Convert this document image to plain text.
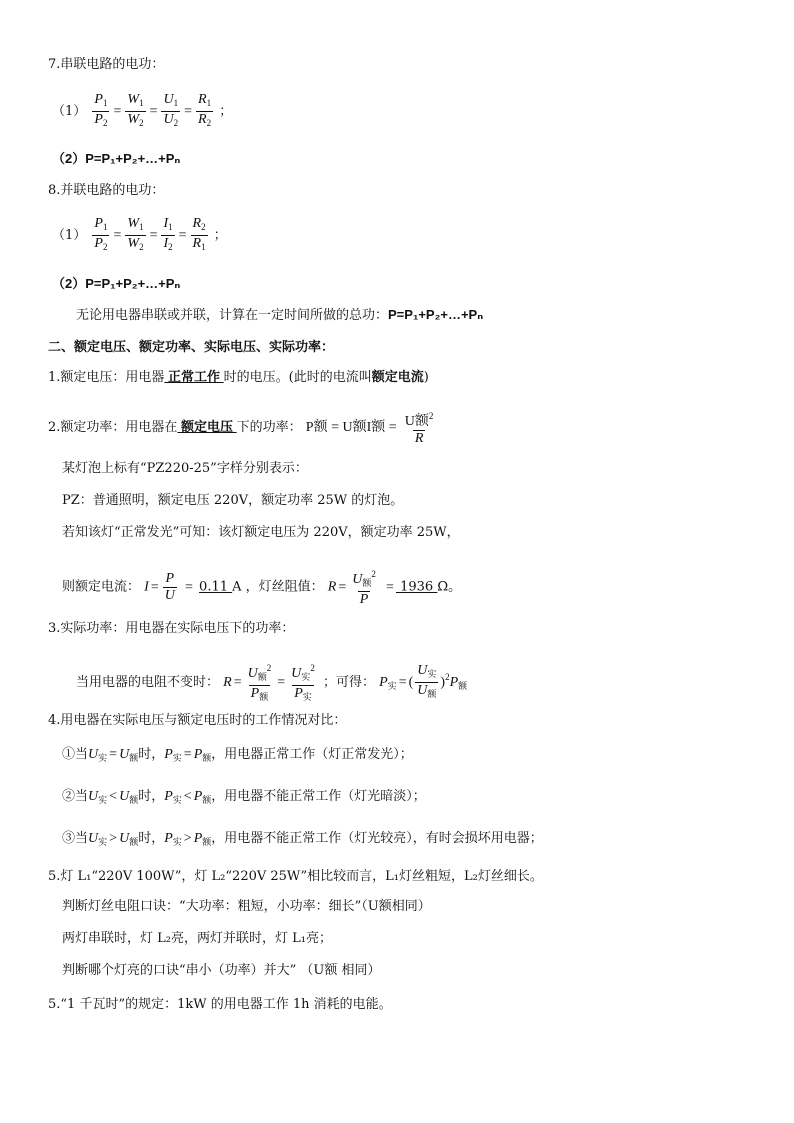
7.串联电路的电功：
$(1) \frac{P_1}{P_2} = \frac{W_1}{W_2} = \frac{U_1}{U_2} = \frac{R_1}{R_2}$ ；
（2）P=P₁+P₂+…+Pₙ
8.并联电路的电功：
$(1) \frac{P_1}{P_2} = \frac{W_1}{W_2} = \frac{I_1}{I_2} = \frac{R_2}{R_1}$ ；
（2）P=P₁+P₂+…+Pₙ
无论用电器串联或并联，计算在一定时间所做的总功：P=P₁+P₂+…+Pₙ
二、额定电压、额定功率、实际电压、实际功率：
1.额定电压：用电器 正常工作 时的电压。(此时的电流叫额定电流)
2.额定功率：用电器在 额定电压 下的功率： P额 = U额I额 = $\frac{U额^2}{R}$
某灯泡上标有“PZ220-25”字样分别表示：
PZ：普通照明，额定电压 220V，额定功率 25W 的灯泡。
若知该灯“正常发光”可知：该灯额定电压为 220V，额定功率 25W，
则额定电流： $I = \frac{P}{U} = 0.11$ A ，灯丝阻值： $R = \frac{U_额^2}{P} = 1936$ Ω。
3.实际功率：用电器在实际电压下的功率：
当用电器的电阻不变时： $R = \frac{U_额^2}{P_额} = \frac{U_实^2}{P_实}$ ；可得： $P_实$ = ( $\frac{U_实}{U_额} )^2P_额$
4.用电器在实际电压与额定电压时的工作情况对比：
①当$U_实 = U_额$时，$P_实 = P_额$，用电器正常工作（灯正常发光）；
②当$U_实 < U_额$时，$P_实 < P_额$，用电器不能正常工作（灯光暗淡）；
③当$U_实 > U_额$时，$P_实 > P_额$，用电器不能正常工作（灯光较亮），有时会损坏用电器；
5.灯 L₁“220V 100W”，灯 L₂“220V 25W”相比较而言，L₁灯丝粗短，L₂灯丝细长。
判断灯丝电阻口诀：“大功率：粗短，小功率：细长”（U额相同）
两灯串联时，灯 L₂亮，两灯并联时，灯 L₁亮；
判断哪个灯亮的口诀“串小（功率）并大” （U额 相同）
5.“1 千瓦时”的规定：1kW 的用电器工作 1h 消耗的电能。
